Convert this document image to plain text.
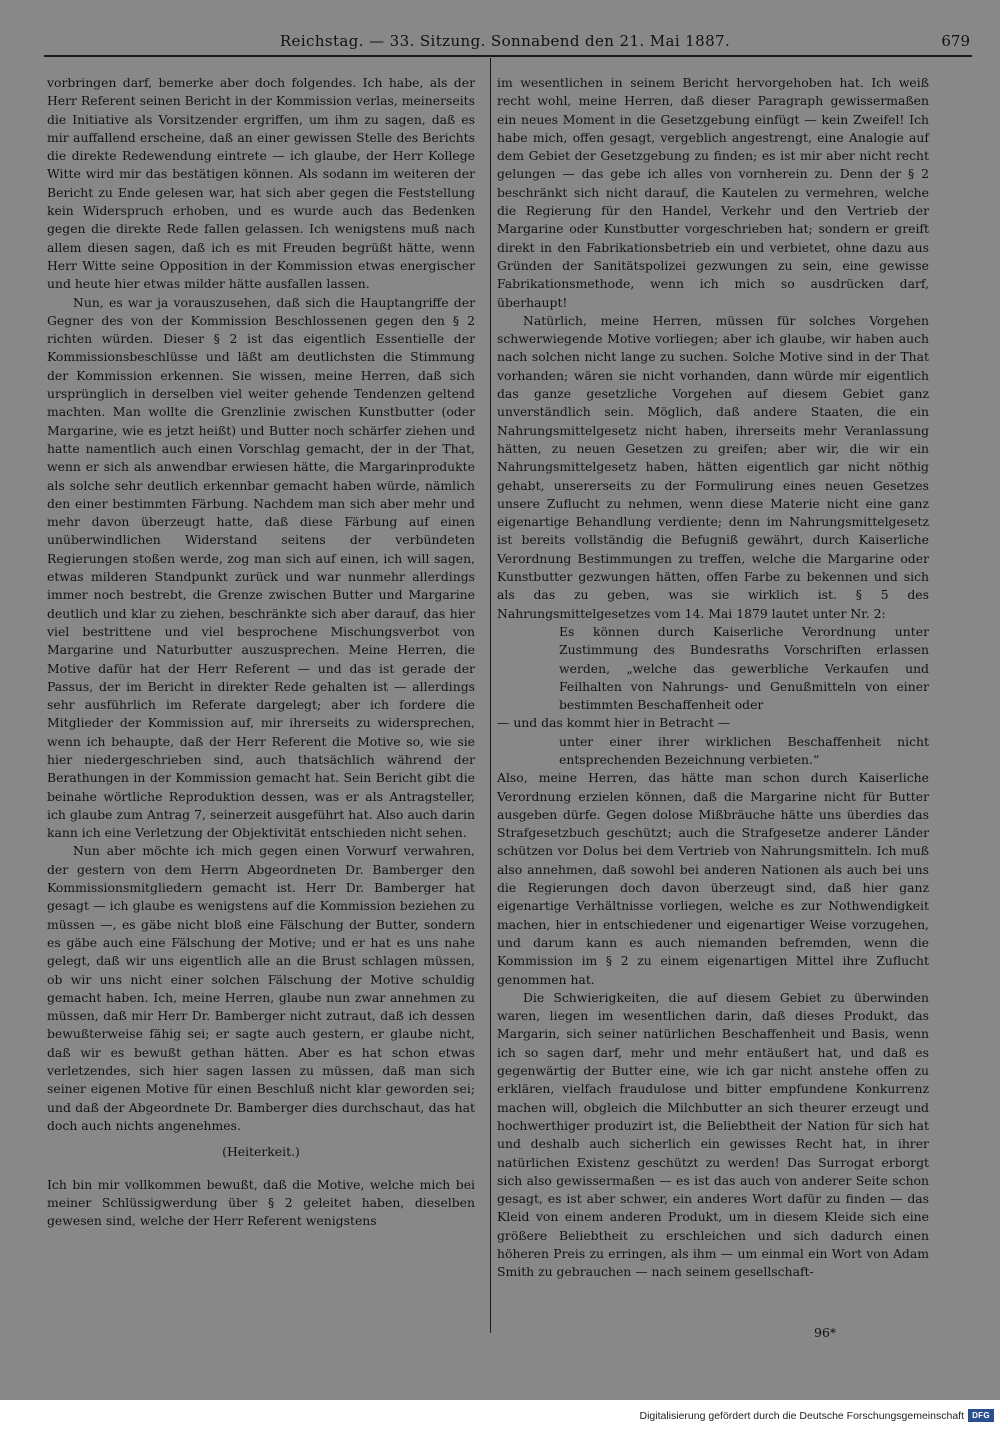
Reichstag. — 33. Sitzung. Sonnabend den 21. Mai 1887.	679

vorbringen darf, bemerke aber doch folgendes. Ich habe, als der Herr Referent seinen Bericht in der Kommission verlas, meinerseits die Initiative als Vorsitzender ergriffen, um ihm zu sagen, daß es mir auffallend erscheine, daß an einer gewissen Stelle des Berichts die direkte Redewendung eintrete — ich glaube, der Herr Kollege Witte wird mir das bestätigen können. Als sodann im weiteren der Bericht zu Ende gelesen war, hat sich aber gegen die Feststellung kein Widerspruch erhoben, und es wurde auch das Bedenken gegen die direkte Rede fallen gelassen. Ich wenigstens muß nach allem diesen sagen, daß ich es mit Freuden begrüßt hätte, wenn Herr Witte seine Opposition in der Kommission etwas energischer und heute hier etwas milder hätte ausfallen lassen.

Nun, es war ja vorauszusehen, daß sich die Hauptangriffe der Gegner des von der Kommission Beschlossenen gegen den § 2 richten würden. Dieser § 2 ist das eigentlich Essentielle der Kommissionsbeschlüsse und läßt am deutlichsten die Stimmung der Kommission erkennen. Sie wissen, meine Herren, daß sich ursprünglich in derselben viel weiter gehende Tendenzen geltend machten. Man wollte die Grenzlinie zwischen Kunstbutter (oder Margarine, wie es jetzt heißt) und Butter noch schärfer ziehen und hatte namentlich auch einen Vorschlag gemacht, der in der That, wenn er sich als anwendbar erwiesen hätte, die Margarinprodukte als solche sehr deutlich erkennbar gemacht haben würde, nämlich den einer bestimmten Färbung. Nachdem man sich aber mehr und mehr davon überzeugt hatte, daß diese Färbung auf einen unüberwindlichen Widerstand seitens der verbündeten Regierungen stoßen werde, zog man sich auf einen, ich will sagen, etwas milderen Standpunkt zurück und war nunmehr allerdings immer noch bestrebt, die Grenze zwischen Butter und Margarine deutlich und klar zu ziehen, beschränkte sich aber darauf, das hier viel bestrittene und viel besprochene Mischungsverbot von Margarine und Naturbutter auszusprechen. Meine Herren, die Motive dafür hat der Herr Referent — und das ist gerade der Passus, der im Bericht in direkter Rede gehalten ist — allerdings sehr ausführlich im Referate dargelegt; aber ich fordere die Mitglieder der Kommission auf, mir ihrerseits zu widersprechen, wenn ich behaupte, daß der Herr Referent die Motive so, wie sie hier niedergeschrieben sind, auch thatsächlich während der Berathungen in der Kommission gemacht hat. Sein Bericht gibt die beinahe wörtliche Reproduktion dessen, was er als Antragsteller, ich glaube zum Antrag 7, seinerzeit ausgeführt hat. Also auch darin kann ich eine Verletzung der Objektivität entschieden nicht sehen.

Nun aber möchte ich mich gegen einen Vorwurf verwahren, der gestern von dem Herrn Abgeordneten Dr. Bamberger den Kommissionsmitgliedern gemacht ist. Herr Dr. Bamberger hat gesagt — ich glaube es wenigstens auf die Kommission beziehen zu müssen —, es gäbe nicht bloß eine Fälschung der Butter, sondern es gäbe auch eine Fälschung der Motive; und er hat es uns nahe gelegt, daß wir uns eigentlich alle an die Brust schlagen müssen, ob wir uns nicht einer solchen Fälschung der Motive schuldig gemacht haben. Ich, meine Herren, glaube nun zwar annehmen zu müssen, daß mir Herr Dr. Bamberger nicht zutraut, daß ich dessen bewußterweise fähig sei; er sagte auch gestern, er glaube nicht, daß wir es bewußt gethan hätten. Aber es hat schon etwas verletzendes, sich hier sagen lassen zu müssen, daß man sich seiner eigenen Motive für einen Beschluß nicht klar geworden sei; und daß der Abgeordnete Dr. Bamberger dies durchschaut, das hat doch auch nichts angenehmes.

(Heiterkeit.)

Ich bin mir vollkommen bewußt, daß die Motive, welche mich bei meiner Schlüssigwerdung über § 2 geleitet haben, dieselben gewesen sind, welche der Herr Referent wenigstens

im wesentlichen in seinem Bericht hervorgehoben hat. Ich weiß recht wohl, meine Herren, daß dieser Paragraph gewissermaßen ein neues Moment in die Gesetzgebung einfügt — kein Zweifel! Ich habe mich, offen gesagt, vergeblich angestrengt, eine Analogie auf dem Gebiet der Gesetzgebung zu finden; es ist mir aber nicht recht gelungen — das gebe ich alles von vornherein zu. Denn der § 2 beschränkt sich nicht darauf, die Kautelen zu vermehren, welche die Regierung für den Handel, Verkehr und den Vertrieb der Margarine oder Kunstbutter vorgeschrieben hat; sondern er greift direkt in den Fabrikationsbetrieb ein und verbietet, ohne dazu aus Gründen der Sanitätspolizei gezwungen zu sein, eine gewisse Fabrikationsmethode, wenn ich mich so ausdrücken darf, überhaupt!

Natürlich, meine Herren, müssen für solches Vorgehen schwerwiegende Motive vorliegen; aber ich glaube, wir haben auch nach solchen nicht lange zu suchen. Solche Motive sind in der That vorhanden; wären sie nicht vorhanden, dann würde mir eigentlich das ganze gesetzliche Vorgehen auf diesem Gebiet ganz unverständlich sein. Möglich, daß andere Staaten, die ein Nahrungsmittelgesetz nicht haben, ihrerseits mehr Veranlassung hätten, zu neuen Gesetzen zu greifen; aber wir, die wir ein Nahrungsmittelgesetz haben, hätten eigentlich gar nicht nöthig gehabt, unsererseits zu der Formulirung eines neuen Gesetzes unsere Zuflucht zu nehmen, wenn diese Materie nicht eine ganz eigenartige Behandlung verdiente; denn im Nahrungsmittelgesetz ist bereits vollständig die Befugniß gewährt, durch Kaiserliche Verordnung Bestimmungen zu treffen, welche die Margarine oder Kunstbutter gezwungen hätten, offen Farbe zu bekennen und sich als das zu geben, was sie wirklich ist. § 5 des Nahrungsmittelgesetzes vom 14. Mai 1879 lautet unter Nr. 2:

Es können durch Kaiserliche Verordnung unter Zustimmung des Bundesraths Vorschriften erlassen werden, „welche das gewerbliche Verkaufen und Feilhalten von Nahrungs- und Genußmitteln von einer bestimmten Beschaffenheit oder

— und das kommt hier in Betracht —

unter einer ihrer wirklichen Beschaffenheit nicht entsprechenden Bezeichnung verbieten.“

Also, meine Herren, das hätte man schon durch Kaiserliche Verordnung erzielen können, daß die Margarine nicht für Butter ausgeben dürfe. Gegen dolose Mißbräuche hätte uns überdies das Strafgesetzbuch geschützt; auch die Strafgesetze anderer Länder schützen vor Dolus bei dem Vertrieb von Nahrungsmitteln. Ich muß also annehmen, daß sowohl bei anderen Nationen als auch bei uns die Regierungen doch davon überzeugt sind, daß hier ganz eigenartige Verhältnisse vorliegen, welche es zur Nothwendigkeit machen, hier in entschiedener und eigenartiger Weise vorzugehen, und darum kann es auch niemanden befremden, wenn die Kommission im § 2 zu einem eigenartigen Mittel ihre Zuflucht genommen hat.

Die Schwierigkeiten, die auf diesem Gebiet zu überwinden waren, liegen im wesentlichen darin, daß dieses Produkt, das Margarin, sich seiner natürlichen Beschaffenheit und Basis, wenn ich so sagen darf, mehr und mehr entäußert hat, und daß es gegenwärtig der Butter eine, wie ich gar nicht anstehe offen zu erklären, vielfach fraudulose und bitter empfundene Konkurrenz machen will, obgleich die Milchbutter an sich theurer erzeugt und hochwerthiger produzirt ist, die Beliebtheit der Nation für sich hat und deshalb auch sicherlich ein gewisses Recht hat, in ihrer natürlichen Existenz geschützt zu werden! Das Surrogat erborgt sich also gewissermaßen — es ist das auch von anderer Seite schon gesagt, es ist aber schwer, ein anderes Wort dafür zu finden — das Kleid von einem anderen Produkt, um in diesem Kleide sich eine größere Beliebtheit zu erschleichen und sich dadurch einen höheren Preis zu erringen, als ihm — um einmal ein Wort von Adam Smith zu gebrauchen — nach seinem gesellschaft-

96*
Digitalisierung gefördert durch die Deutsche Forschungsgemeinschaft	DFG
